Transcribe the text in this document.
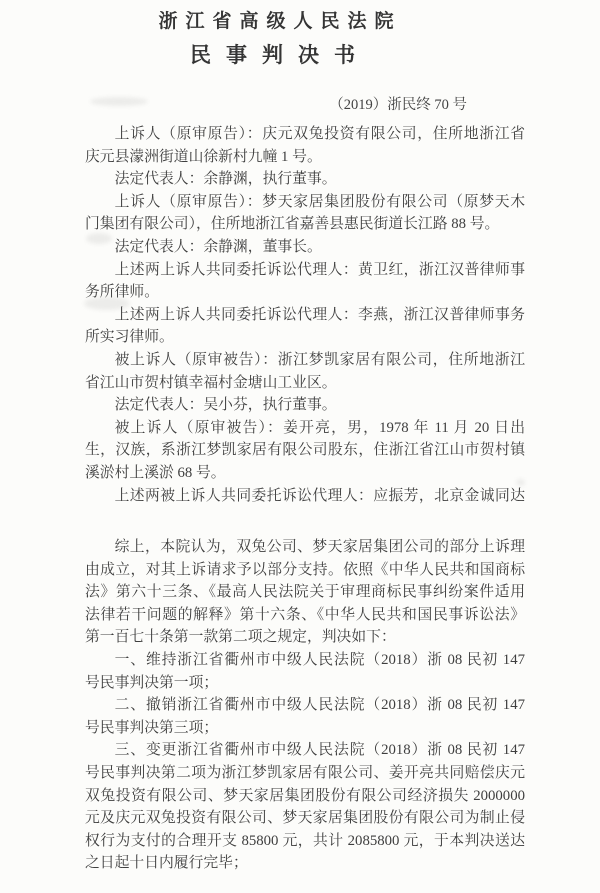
浙江省高级人民法院
民事判决书
（2019）浙民终 70 号
上诉人（原审原告）：庆元双兔投资有限公司，住所地浙江省
庆元县濛洲街道山徐新村九幢 1 号。
法定代表人：余静渊，执行董事。
上诉人（原审原告）：梦天家居集团股份有限公司（原梦天木
门集团有限公司），住所地浙江省嘉善县惠民街道长江路 88 号。
法定代表人：余静渊，董事长。
上述两上诉人共同委托诉讼代理人：黄卫红，浙江汉普律师事
务所律师。
上述两上诉人共同委托诉讼代理人：李燕，浙江汉普律师事务
所实习律师。
被上诉人（原审被告）：浙江梦凯家居有限公司，住所地浙江
省江山市贺村镇幸福村金塘山工业区。
法定代表人：吴小芬，执行董事。
被上诉人（原审被告）：姜开亮，男，1978 年 11 月 20 日出
生，汉族，系浙江梦凯家居有限公司股东，住浙江省江山市贺村镇
溪淤村上溪淤 68 号。
上述两被上诉人共同委托诉讼代理人：应振芳，北京金诚同达
综上，本院认为，双兔公司、梦天家居集团公司的部分上诉理
由成立，对其上诉请求予以部分支持。依照《中华人民共和国商标
法》第六十三条、《最高人民法院关于审理商标民事纠纷案件适用
法律若干问题的解释》第十六条、《中华人民共和国民事诉讼法》
第一百七十条第一款第二项之规定，判决如下：
一、维持浙江省衢州市中级人民法院（2018）浙 08 民初 147
号民事判决第一项；
二、撤销浙江省衢州市中级人民法院（2018）浙 08 民初 147
号民事判决第三项；
三、变更浙江省衢州市中级人民法院（2018）浙 08 民初 147
号民事判决第二项为浙江梦凯家居有限公司、姜开亮共同赔偿庆元
双兔投资有限公司、梦天家居集团股份有限公司经济损失 2000000
元及庆元双兔投资有限公司、梦天家居集团股份有限公司为制止侵
权行为支付的合理开支 85800 元，共计 2085800 元，于本判决送达
之日起十日内履行完毕；
